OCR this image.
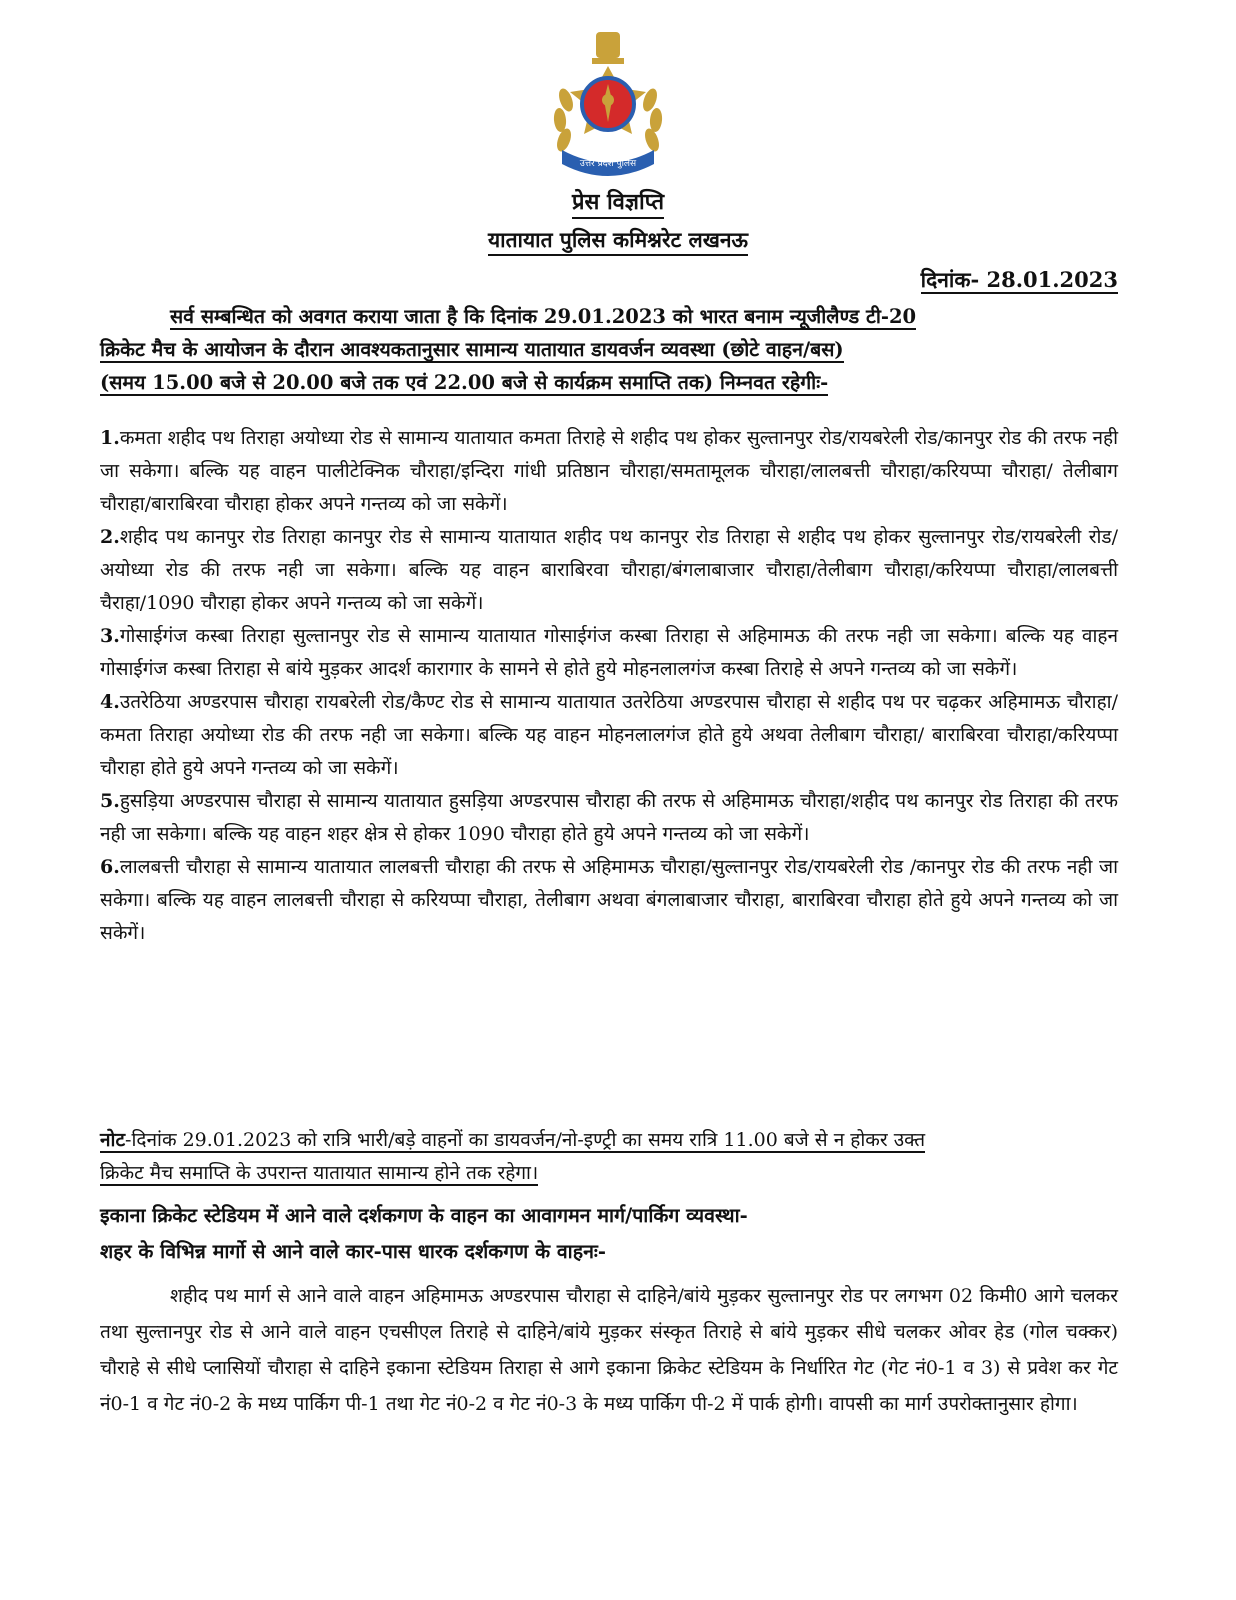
उत्तर प्रदेश पुलिस
प्रेस विज्ञप्ति
यातायात पुलिस कमिश्नरेट लखनऊ
दिनांक- 28.01.2023

सर्व सम्बन्धित को अवगत कराया जाता है कि दिनांक 29.01.2023 को भारत बनाम न्यूजीलैण्ड टी-20

क्रिकेट मैच के आयोजन के दौरान आवश्यकतानुसार सामान्य यातायात डायवर्जन व्यवस्था (छोटे वाहन/बस)

(समय 15.00 बजे से 20.00 बजे तक एवं 22.00 बजे से कार्यक्रम समाप्ति तक) निम्नवत रहेगीः-

1.कमता शहीद पथ तिराहा अयोध्या रोड से सामान्य यातायात कमता तिराहे से शहीद पथ होकर सुल्तानपुर रोड/रायबरेली रोड/कानपुर रोड की तरफ नही जा सकेगा। बल्कि यह वाहन पालीटेक्निक चौराहा/इन्दिरा गांधी प्रतिष्ठान चौराहा/समतामूलक चौराहा/लालबत्ती चौराहा/करियप्पा चौराहा/ तेलीबाग चौराहा/बाराबिरवा चौराहा होकर अपने गन्तव्य को जा सकेगें।

2.शहीद पथ कानपुर रोड तिराहा कानपुर रोड से सामान्य यातायात शहीद पथ कानपुर रोड तिराहा से शहीद पथ होकर सुल्तानपुर रोड/रायबरेली रोड/अयोध्या रोड की तरफ नही जा सकेगा। बल्कि यह वाहन बाराबिरवा चौराहा/बंगलाबाजार चौराहा/तेलीबाग चौराहा/करियप्पा चौराहा/लालबत्ती चैराहा/1090 चौराहा होकर अपने गन्तव्य को जा सकेगें।

3.गोसाईगंज कस्बा तिराहा सुल्तानपुर रोड से सामान्य यातायात गोसाईगंज कस्बा तिराहा से अहिमामऊ की तरफ नही जा सकेगा। बल्कि यह वाहन गोसाईगंज कस्बा तिराहा से बांये मुड़कर आदर्श कारागार के सामने से होते हुये मोहनलालगंज कस्बा तिराहे से अपने गन्तव्य को जा सकेगें।

4.उतरेठिया अण्डरपास चौराहा रायबरेली रोड/कैण्ट रोड से सामान्य यातायात उतरेठिया अण्डरपास चौराहा से शहीद पथ पर चढ़कर अहिमामऊ चौराहा/कमता तिराहा अयोध्या रोड की तरफ नही जा सकेगा। बल्कि यह वाहन मोहनलालगंज होते हुये अथवा तेलीबाग चौराहा/ बाराबिरवा चौराहा/करियप्पा चौराहा होते हुये अपने गन्तव्य को जा सकेगें।

5.हुसड़िया अण्डरपास चौराहा से सामान्य यातायात हुसड़िया अण्डरपास चौराहा की तरफ से अहिमामऊ चौराहा/शहीद पथ कानपुर रोड तिराहा की तरफ नही जा सकेगा। बल्कि यह वाहन शहर क्षेत्र से होकर 1090 चौराहा होते हुये अपने गन्तव्य को जा सकेगें।

6.लालबत्ती चौराहा से सामान्य यातायात लालबत्ती चौराहा की तरफ से अहिमामऊ चौराहा/सुल्तानपुर रोड/रायबरेली रोड /कानपुर रोड की तरफ नही जा सकेगा। बल्कि यह वाहन लालबत्ती चौराहा से करियप्पा चौराहा, तेलीबाग अथवा बंगलाबाजार चौराहा, बाराबिरवा चौराहा होते हुये अपने गन्तव्य को जा सकेगें।

नोट-दिनांक 29.01.2023 को रात्रि भारी/बड़े वाहनों का डायवर्जन/नो-इण्ट्री का समय रात्रि 11.00 बजे से न होकर उक्त

क्रिकेट मैच समाप्ति के उपरान्त यातायात सामान्य होने तक रहेगा।

इकाना क्रिकेट स्टेडियम में आने वाले दर्शकगण के वाहन का आवागमन मार्ग/पार्किग व्यवस्था-

शहर के विभिन्न मार्गो से आने वाले कार-पास धारक दर्शकगण के वाहनः-

शहीद पथ मार्ग से आने वाले वाहन अहिमामऊ अण्डरपास चौराहा से दाहिने/बांये मुड़कर सुल्तानपुर रोड पर लगभग 02 किमी0 आगे चलकर तथा सुल्तानपुर रोड से आने वाले वाहन एचसीएल तिराहे से दाहिने/बांये मुड़कर संस्कृत तिराहे से बांये मुड़कर सीधे चलकर ओवर हेड (गोल चक्कर) चौराहे से सीधे प्लासियों चौराहा से दाहिने इकाना स्टेडियम तिराहा से आगे इकाना क्रिकेट स्टेडियम के निर्धारित गेट (गेट नं0-1 व 3) से प्रवेश कर गेट नं0-1 व गेट नं0-2 के मध्य पार्किग पी-1 तथा गेट नं0-2 व गेट नं0-3 के मध्य पार्किग पी-2 में पार्क होगी। वापसी का मार्ग उपरोक्तानुसार होगा।
